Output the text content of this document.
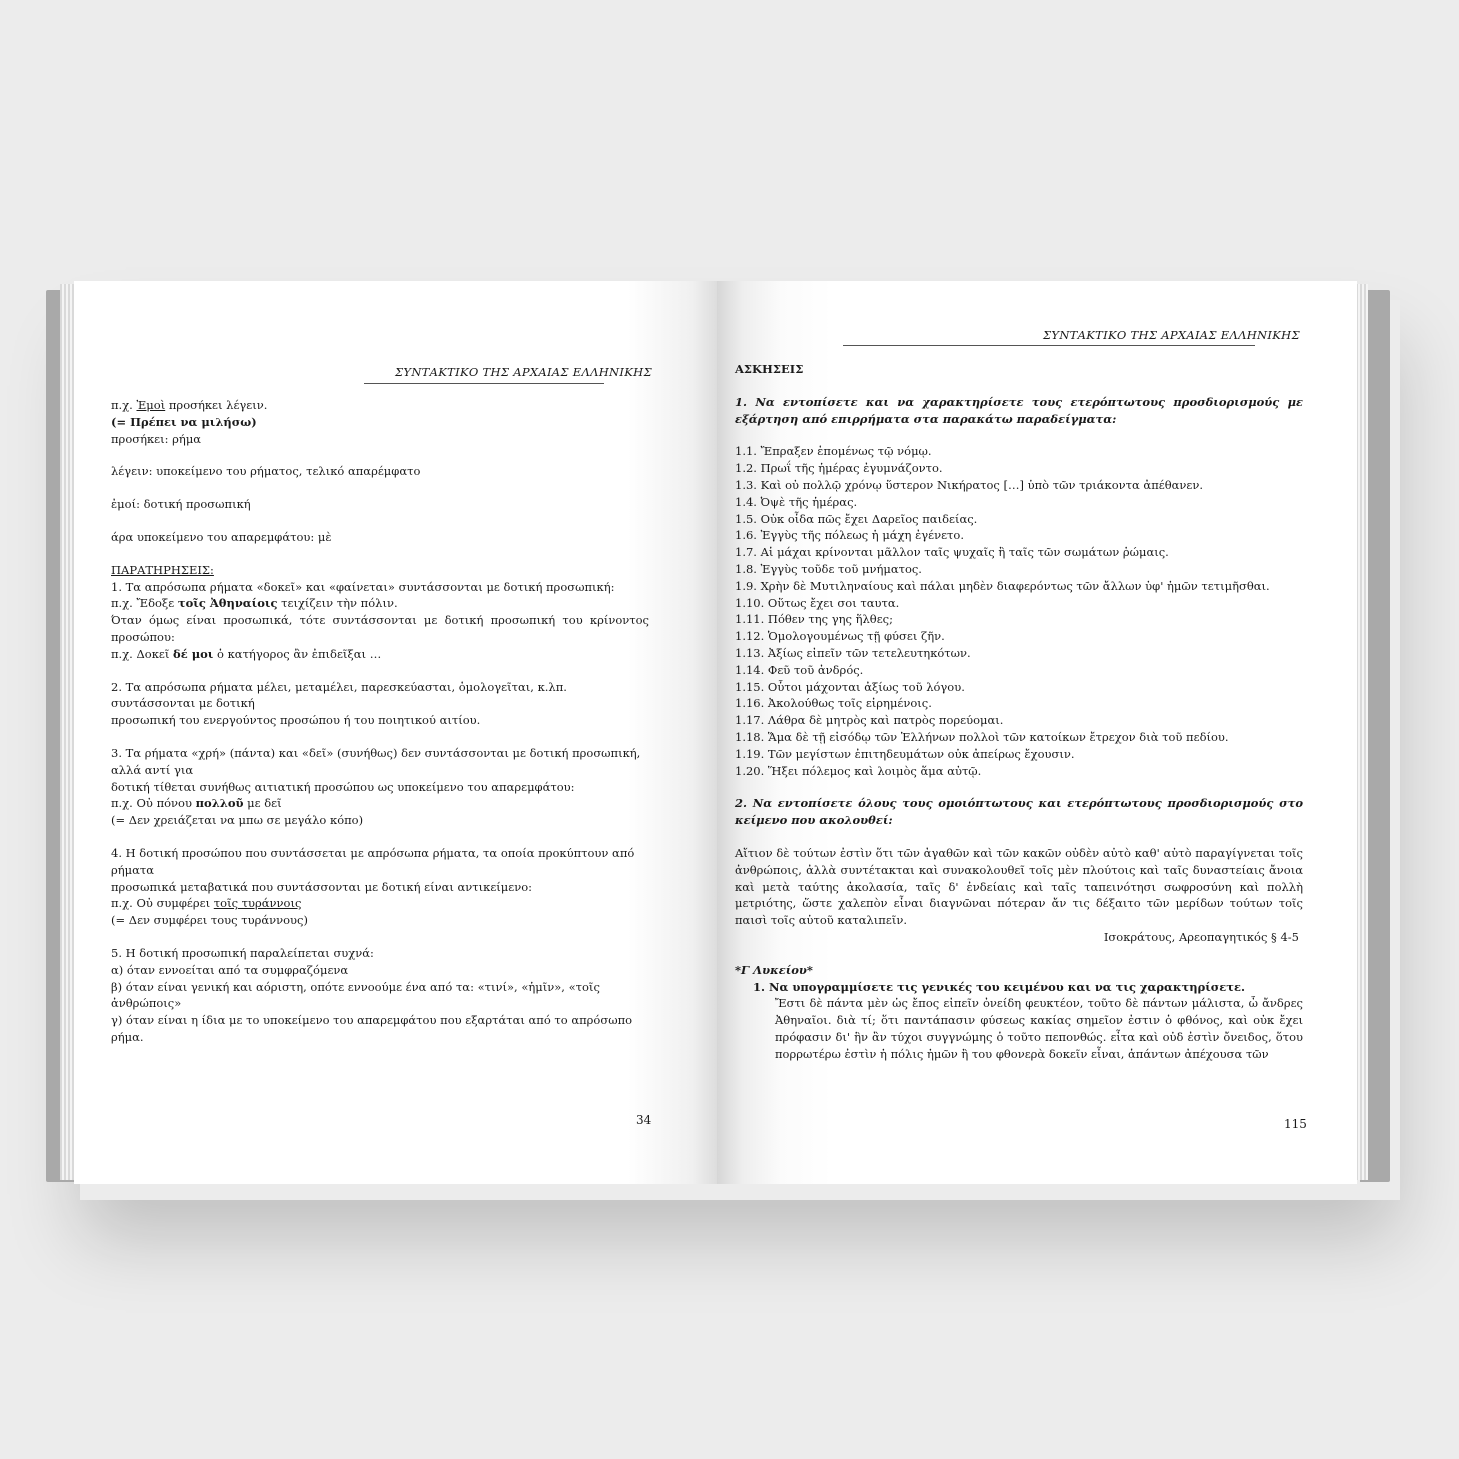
ΣΥΝΤΑΚΤΙΚΟ ΤΗΣ ΑΡΧΑΙΑΣ ΕΛΛΗΝΙΚΗΣ

π.χ. Ἐμοὶ προσήκει λέγειν.

(= Πρέπει να μιλήσω)

προσήκει: ρήμα

λέγειν: υποκείμενο του ρήματος, τελικό απαρέμφατο

ἐμοί: δοτική προσωπική

άρα υποκείμενο του απαρεμφάτου: μὲ

ΠΑΡΑΤΗΡΗΣΕΙΣ:

1. Τα απρόσωπα ρήματα «δοκεῖ» και «φαίνεται» συντάσσονται με δοτική προσωπική:

π.χ. Ἔδοξε τοῖς Ἀθηναίοις τειχίζειν τὴν πόλιν.

Όταν όμως είναι προσωπικά, τότε συντάσσονται με δοτική προσωπική του κρίνοντος προσώπου:

π.χ. Δοκεῖ δέ μοι ὁ κατήγορος ἂν ἐπιδεῖξαι …

2. Τα απρόσωπα ρήματα μέλει, μεταμέλει, παρεσκεύασται, ὁμολογεῖται, κ.λπ. συντάσσονται με δοτική

προσωπική του ενεργούντος προσώπου ή του ποιητικού αιτίου.

3. Τα ρήματα «χρή» (πάντα) και «δεῖ» (συνήθως) δεν συντάσσονται με δοτική προσωπική, αλλά αντί για

δοτική τίθεται συνήθως αιτιατική προσώπου ως υποκείμενο του απαρεμφάτου:

π.χ. Οὐ πόνου πολλοῦ με δεῖ

(= Δεν χρειάζεται να μπω σε μεγάλο κόπο)

4. Η δοτική προσώπου που συντάσσεται με απρόσωπα ρήματα, τα οποία προκύπτουν από ρήματα

προσωπικά μεταβατικά που συντάσσονται με δοτική είναι αντικείμενο:

π.χ. Οὐ συμφέρει τοῖς τυράννοις

(= Δεν συμφέρει τους τυράννους)

5. Η δοτική προσωπική παραλείπεται συχνά:

α) όταν εννοείται από τα συμφραζόμενα

β) όταν είναι γενική και αόριστη, οπότε εννοούμε ένα από τα: «τινί», «ἡμῖν», «τοῖς ἀνθρώποις»

γ) όταν είναι η ίδια με το υποκείμενο του απαρεμφάτου που εξαρτάται από το απρόσωπο ρήμα.

34
ΣΥΝΤΑΚΤΙΚΟ ΤΗΣ ΑΡΧΑΙΑΣ ΕΛΛΗΝΙΚΗΣ

ΑΣΚΗΣΕΙΣ

1. Να εντοπίσετε και να χαρακτηρίσετε τους ετερόπτωτους προσδιορισμούς με εξάρτηση από επιρρήματα στα παρακάτω παραδείγματα:

1.1. Ἔπραξεν ἑπομένως τῷ νόμῳ.

1.2. Πρωΐ τῆς ἡμέρας ἐγυμνάζοντο.

1.3. Καὶ οὐ πολλῷ χρόνῳ ὕστερον Νικήρατος […] ὑπὸ τῶν τριάκοντα ἀπέθανεν.

1.4. Ὀψὲ τῆς ἡμέρας.

1.5. Οὐκ οἶδα πῶς ἔχει Δαρεῖος παιδείας.

1.6. Ἐγγὺς τῆς πόλεως ἡ μάχη ἐγένετο.

1.7. Αἱ μάχαι κρίνονται μᾶλλον ταῖς ψυχαῖς ἢ ταῖς τῶν σωμάτων ῥώμαις.

1.8. Ἐγγὺς τοῦδε τοῦ μνήματος.

1.9. Χρὴν δὲ Μυτιληναίους καὶ πάλαι μηδὲν διαφερόντως τῶν ἄλλων ὑφ' ἡμῶν τετιμῆσθαι.

1.10. Οὕτως ἔχει σοι ταυτα.

1.11. Πόθεν της γης ἥλθες;

1.12. Ὁμολογουμένως τῇ φύσει ζῆν.

1.13. Ἀξίως εἰπεῖν τῶν τετελευτηκότων.

1.14. Φεῦ τοῦ ἀνδρός.

1.15. Οὗτοι μάχονται ἀξίως τοῦ λόγου.

1.16. Ἀκολούθως τοῖς εἰρημένοις.

1.17. Λάθρα δὲ μητρὸς καὶ πατρὸς πορεύομαι.

1.18. Ἅμα δὲ τῇ εἰσόδῳ τῶν Ἑλλήνων πολλοὶ τῶν κατοίκων ἔτρεχον διὰ τοῦ πεδίου.

1.19. Τῶν μεγίστων ἐπιτηδευμάτων οὐκ ἀπείρως ἔχουσιν.

1.20. Ἥξει πόλεμος καὶ λοιμὸς ἅμα αὐτῷ.

2. Να εντοπίσετε όλους τους ομοιόπτωτους και ετερόπτωτους προσδιορισμούς στο κείμενο που ακολουθεί:

Αἴτιον δὲ τούτων ἐστὶν ὅτι τῶν ἀγαθῶν καὶ τῶν κακῶν οὐδὲν αὐτὸ καθ' αὑτὸ παραγίγνεται τοῖς ἀνθρώποις, ἀλλὰ συντέτακται καὶ συνακολουθεῖ τοῖς μὲν πλούτοις καὶ ταῖς δυναστείαις ἄνοια καὶ μετὰ ταύτης ἀκολασία, ταῖς δ' ἐνδείαις καὶ ταῖς ταπεινότησι σωφροσύνη καὶ πολλὴ μετριότης, ὥστε χαλεπὸν εἶναι διαγνῶναι πότεραν ἄν τις δέξαιτο τῶν μερίδων τούτων τοῖς παισὶ τοῖς αὑτοῦ καταλιπεῖν.

Ισοκράτους, Αρεοπαγητικός § 4-5

*Γ Λυκείου*

1. Να υπογραμμίσετε τις γενικές του κειμένου και να τις χαρακτηρίσετε.

Ἔστι δὲ πάντα μὲν ὡς ἔπος εἰπεῖν ὀνείδη φευκτέον, τοῦτο δὲ πάντων μάλιστα, ὦ ἄνδρες Ἀθηναῖοι. διὰ τί; ὅτι παντάπασιν φύσεως κακίας σημεῖον ἐστιν ὁ φθόνος, καὶ οὐκ ἔχει πρόφασιν δι' ἣν ἂν τύχοι συγγνώμης ὁ τοῦτο πεπονθώς. εἶτα καὶ οὐδ ἐστὶν ὄνειδος, ὅτου πορρωτέρω ἐστὶν ἡ πόλις ἡμῶν ἢ του φθονερὰ δοκεῖν εἶναι, ἁπάντων ἀπέχουσα τῶν

115
